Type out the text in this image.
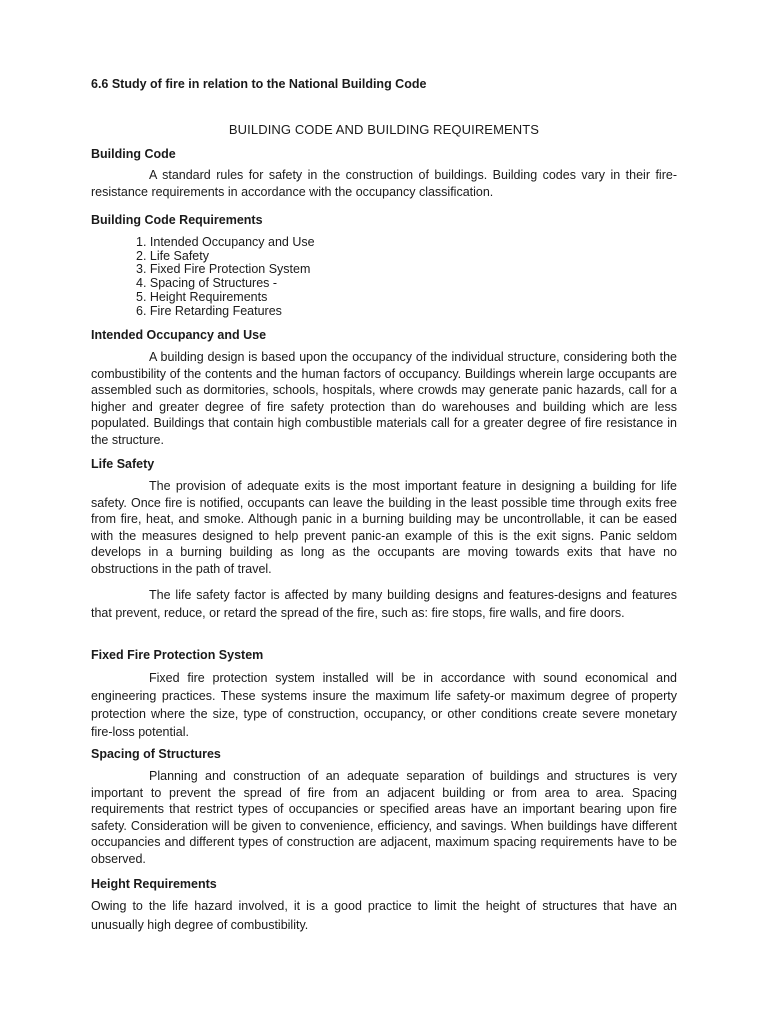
6.6 Study of fire in relation to the National Building Code
BUILDING CODE AND BUILDING REQUIREMENTS
Building Code

A standard rules for safety in the construction of buildings. Building codes vary in their fire-resistance requirements in accordance with the occupancy classification.

Building Code Requirements
1. Intended Occupancy and Use
2. Life Safety
3. Fixed Fire Protection System
4. Spacing of Structures -
5. Height Requirements
6. Fire Retarding Features
Intended Occupancy and Use

A building design is based upon the occupancy of the individual structure, considering both the combustibility of the contents and the human factors of occupancy. Buildings wherein large occupants are assembled such as dormitories, schools, hospitals, where crowds may generate panic hazards, call for a higher and greater degree of fire safety protection than do warehouses and building which are less populated. Buildings that contain high combustible materials call for a greater degree of fire resistance in the structure.

Life Safety

The provision of adequate exits is the most important feature in designing a building for life safety. Once fire is notified, occupants can leave the building in the least possible time through exits free from fire, heat, and smoke. Although panic in a burning building may be uncontrollable, it can be eased with the measures designed to help prevent panic-an example of this is the exit signs. Panic seldom develops in a burning building as long as the occupants are moving towards exits that have no obstructions in the path of travel.

The life safety factor is affected by many building designs and features-designs and features that prevent, reduce, or retard the spread of the fire, such as: fire stops, fire walls, and fire doors.

Fixed Fire Protection System

Fixed fire protection system installed will be in accordance with sound economical and engineering practices. These systems insure the maximum life safety-or maximum degree of property protection where the size, type of construction, occupancy, or other conditions create severe monetary fire-loss potential.

Spacing of Structures

Planning and construction of an adequate separation of buildings and structures is very important to prevent the spread of fire from an adjacent building or from area to area. Spacing requirements that restrict types of occupancies or specified areas have an important bearing upon fire safety. Consideration will be given to convenience, efficiency, and savings. When buildings have different occupancies and different types of construction are adjacent, maximum spacing requirements have to be observed.

Height Requirements

Owing to the life hazard involved, it is a good practice to limit the height of structures that have an unusually high degree of combustibility.
